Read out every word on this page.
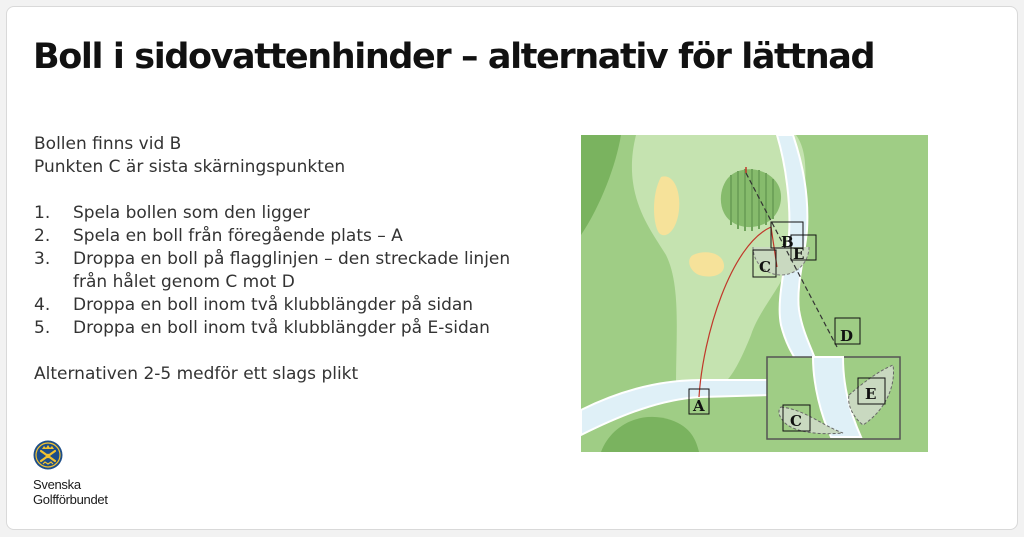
Boll i sidovattenhinder – alternativ för lättnad

Bollen finns vid B

Punkten C är sista skärningspunkten

1.	Spela bollen som den ligger
2.	Spela en boll från föregående plats – A
3.	Droppa en boll på flagglinjen – den streckade linjen från hålet genom C mot D
4.	Droppa en boll inom två klubblängder på sidan
5.	Droppa en boll inom två klubblängder på E-sidan

Alternativen 2-5 medför ett slags plikt

Svenska
Golfförbundet
A
B
E
C
D
E
C
